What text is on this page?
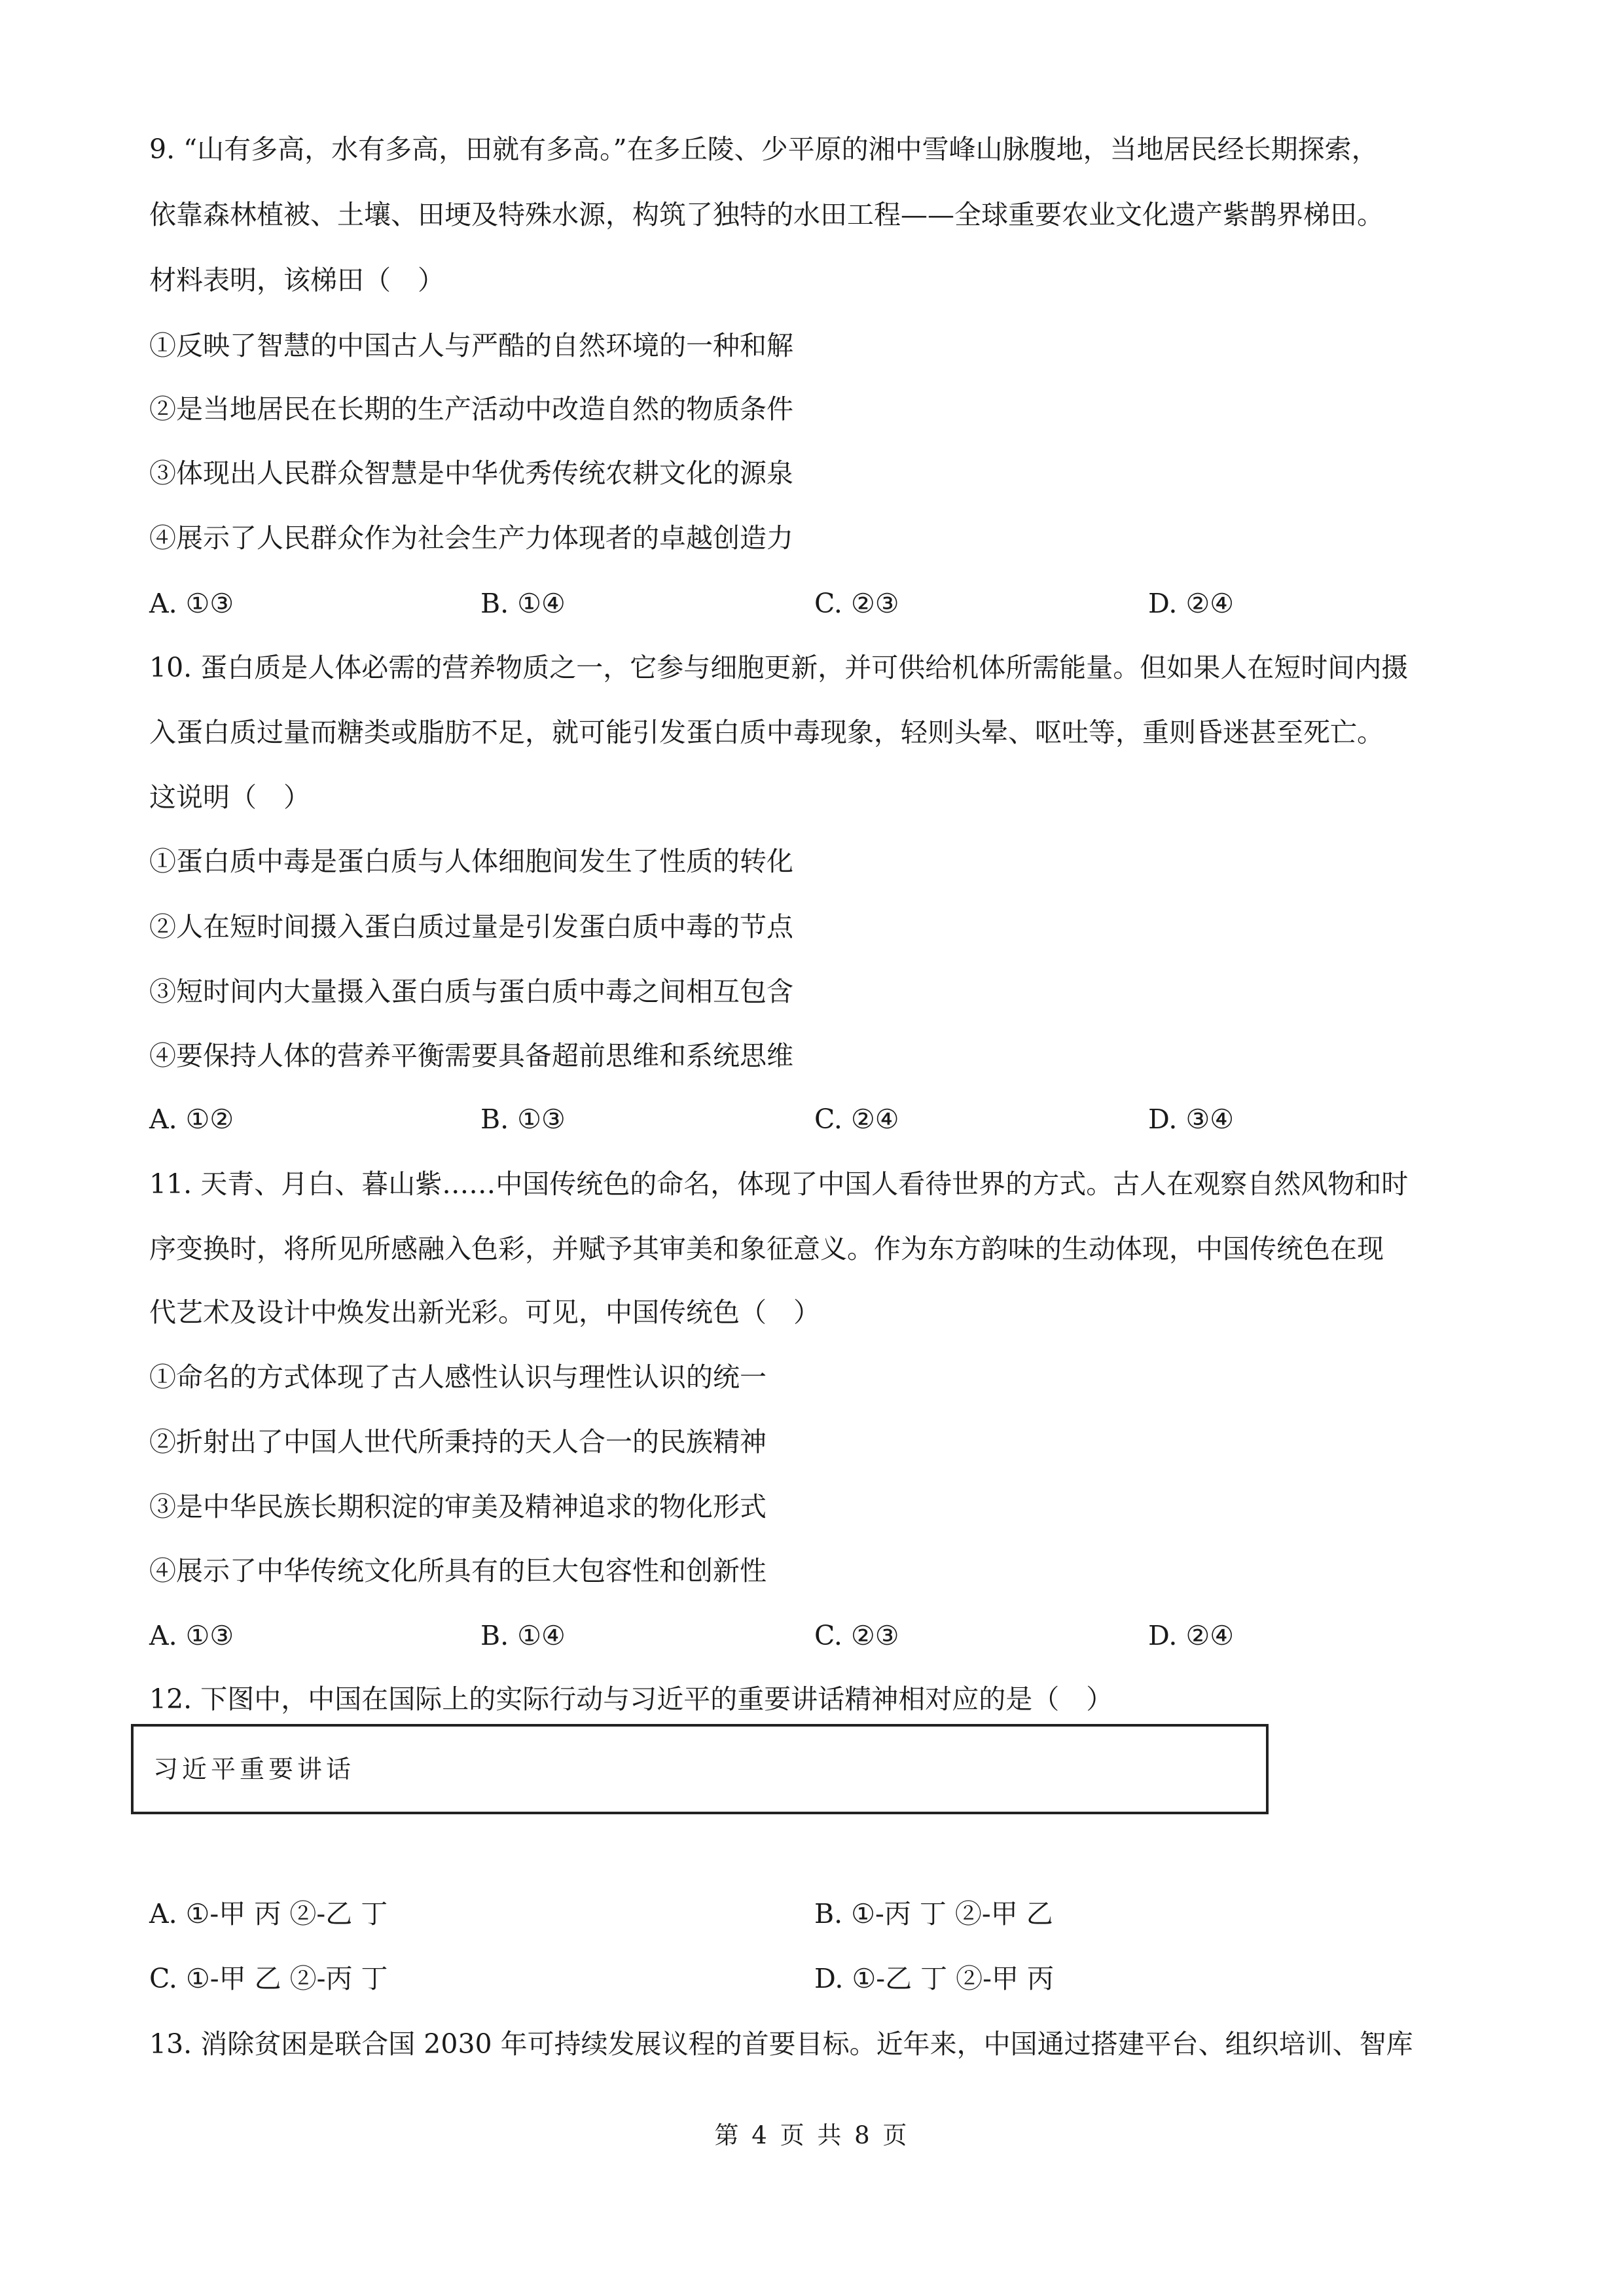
9. “山有多高，水有多高，田就有多高。”在多丘陵、少平原的湘中雪峰山脉腹地，当地居民经长期探索，
依靠森林植被、土壤、田埂及特殊水源，构筑了独特的水田工程——全球重要农业文化遗产紫鹊界梯田。
材料表明，该梯田（　）
①反映了智慧的中国古人与严酷的自然环境的一种和解
②是当地居民在长期的生产活动中改造自然的物质条件
③体现出人民群众智慧是中华优秀传统农耕文化的源泉
④展示了人民群众作为社会生产力体现者的卓越创造力
A. ①③	B. ①④	C. ②③	D. ②④
10. 蛋白质是人体必需的营养物质之一，它参与细胞更新，并可供给机体所需能量。但如果人在短时间内摄
入蛋白质过量而糖类或脂肪不足，就可能引发蛋白质中毒现象，轻则头晕、呕吐等，重则昏迷甚至死亡。
这说明（　）
①蛋白质中毒是蛋白质与人体细胞间发生了性质的转化
②人在短时间摄入蛋白质过量是引发蛋白质中毒的节点
③短时间内大量摄入蛋白质与蛋白质中毒之间相互包含
④要保持人体的营养平衡需要具备超前思维和系统思维
A. ①②	B. ①③	C. ②④	D. ③④
11. 天青、月白、暮山紫……中国传统色的命名，体现了中国人看待世界的方式。古人在观察自然风物和时
序变换时，将所见所感融入色彩，并赋予其审美和象征意义。作为东方韵味的生动体现，中国传统色在现
代艺术及设计中焕发出新光彩。可见，中国传统色（　）
①命名的方式体现了古人感性认识与理性认识的统一
②折射出了中国人世代所秉持的天人合一的民族精神
③是中华民族长期积淀的审美及精神追求的物化形式
④展示了中华传统文化所具有的巨大包容性和创新性
A. ①③	B. ①④	C. ②③	D. ②④
12. 下图中，中国在国际上的实际行动与习近平的重要讲话精神相对应的是（　）
习近平重要讲话
A. ①-甲 丙 ②-乙 丁	B. ①-丙 丁 ②-甲 乙
C. ①-甲 乙 ②-丙 丁	D. ①-乙 丁 ②-甲 丙
13. 消除贫困是联合国 2030 年可持续发展议程的首要目标。近年来，中国通过搭建平台、组织培训、智库
第 4 页 共 8 页
